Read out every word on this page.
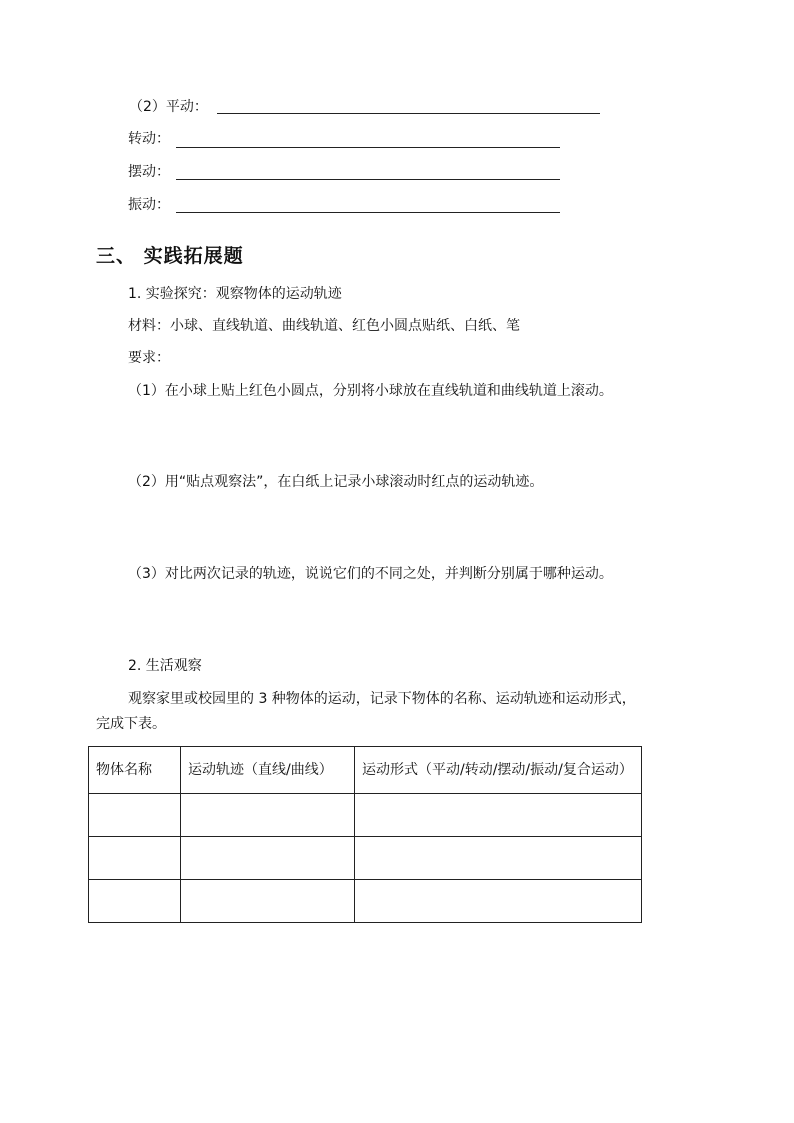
（2）平动：
转动：
摆动：
振动：
三、 实践拓展题
1. 实验探究：观察物体的运动轨迹
材料：小球、直线轨道、曲线轨道、红色小圆点贴纸、白纸、笔
要求：
（1）在小球上贴上红色小圆点，分别将小球放在直线轨道和曲线轨道上滚动。
（2）用“贴点观察法”，在白纸上记录小球滚动时红点的运动轨迹。
（3）对比两次记录的轨迹，说说它们的不同之处，并判断分别属于哪种运动。
2. 生活观察
观察家里或校园里的 3 种物体的运动，记录下物体的名称、运动轨迹和运动形式，
完成下表。
物体名称	运动轨迹（直线/曲线）	运动形式（平动/转动/摆动/振动/复合运动）
